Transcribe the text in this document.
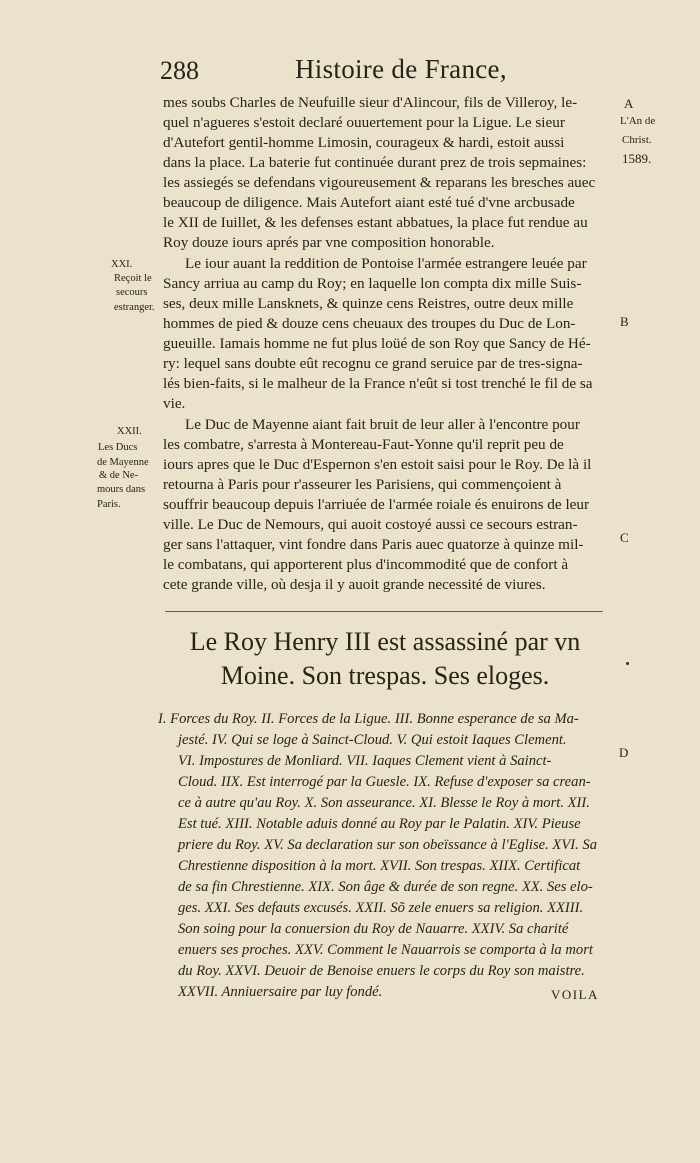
288	Histoire de France,
A
L'An de
Christ.
1589.
B
C
D
XXI.
Reçoit le
secours
estranger.
XXII.
Les Ducs
de Mayenne
& de Ne-
mours dans
Paris.
mes soubs Charles de Neufuille sieur d'Alincour, fils de Villeroy, le-
quel n'agueres s'estoit declaré ouuertement pour la Ligue. Le sieur
d'Autefort gentil-homme Limosin, courageux & hardi, estoit aussi
dans la place. La baterie fut continuée durant prez de trois sepmaines:
les assiegés se defendans vigoureusement & reparans les bresches auec
beaucoup de diligence. Mais Autefort aiant esté tué d'vne arcbusade
le XII de Iuillet, & les defenses estant abbatues, la place fut rendue au
Roy douze iours aprés par vne composition honorable.
Le iour auant la reddition de Pontoise l'armée estrangere leuée par
Sancy arriua au camp du Roy; en laquelle lon compta dix mille Suis-
ses, deux mille Lansknets, & quinze cens Reistres, outre deux mille
hommes de pied & douze cens cheuaux des troupes du Duc de Lon-
gueuille. Iamais homme ne fut plus loüé de son Roy que Sancy de Hé-
ry: lequel sans doubte eût recognu ce grand seruice par de tres-signa-
lés bien-faits, si le malheur de la France n'eût si tost trenché le fil de sa
vie.
Le Duc de Mayenne aiant fait bruit de leur aller à l'encontre pour
les combatre, s'arresta à Montereau-Faut-Yonne qu'il reprit peu de
iours apres que le Duc d'Espernon s'en estoit saisi pour le Roy. De là il
retourna à Paris pour r'asseurer les Parisiens, qui commençoient à
souffrir beaucoup depuis l'arriuée de l'armée roiale és enuirons de leur
ville. Le Duc de Nemours, qui auoit costoyé aussi ce secours estran-
ger sans l'attaquer, vint fondre dans Paris auec quatorze à quinze mil-
le combatans, qui apporterent plus d'incommodité que de confort à
cete grande ville, où desja il y auoit grande necessité de viures.
Le Roy Henry III est assassiné par vn
Moine. Son trespas. Ses eloges.
I. Forces du Roy. II. Forces de la Ligue. III. Bonne esperance de sa Ma-
jesté. IV. Qui se loge à Sainct-Cloud. V. Qui estoit Iaques Clement.
VI. Impostures de Monliard. VII. Iaques Clement vient à Sainct-
Cloud. IIX. Est interrogé par la Guesle. IX. Refuse d'exposer sa crean-
ce à autre qu'au Roy. X. Son asseurance. XI. Blesse le Roy à mort. XII.
Est tué. XIII. Notable aduis donné au Roy par le Palatin. XIV. Pieuse
priere du Roy. XV. Sa declaration sur son obeïssance à l'Eglise. XVI. Sa
Chrestienne disposition à la mort. XVII. Son trespas. XIIX. Certificat
de sa fin Chrestienne. XIX. Son âge & durée de son regne. XX. Ses elo-
ges. XXI. Ses defauts excusés. XXII. Sõ zele enuers sa religion. XXIII.
Son soing pour la conuersion du Roy de Nauarre. XXIV. Sa charité
enuers ses proches. XXV. Comment le Nauarrois se comporta à la mort
du Roy. XXVI. Deuoir de Benoise enuers le corps du Roy son maistre.
XXVII. Anniuersaire par luy fondé.	VOILA
